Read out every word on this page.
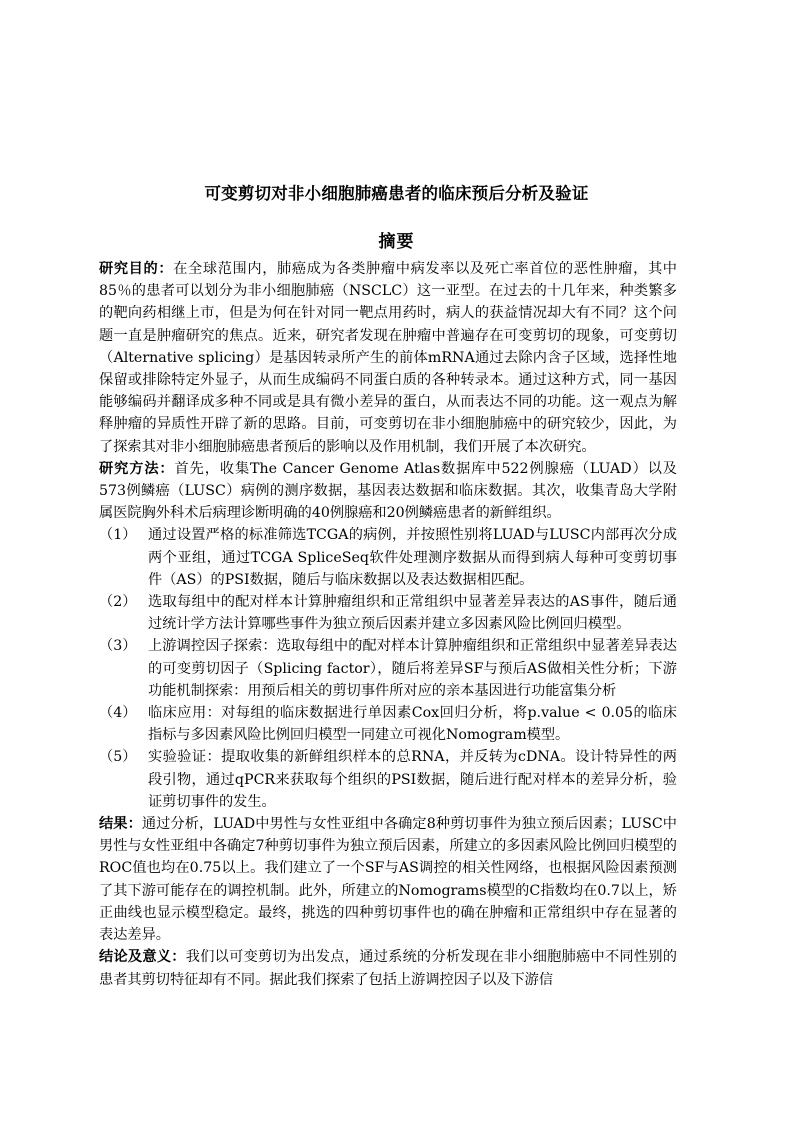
可变剪切对非小细胞肺癌患者的临床预后分析及验证
摘要

研究目的：在全球范围内，肺癌成为各类肿瘤中病发率以及死亡率首位的恶性肿瘤，其中85％的患者可以划分为非小细胞肺癌（NSCLC）这一亚型。在过去的十几年来，种类繁多的靶向药相继上市，但是为何在针对同一靶点用药时，病人的获益情况却大有不同？这个问题一直是肿瘤研究的焦点。近来，研究者发现在肿瘤中普遍存在可变剪切的现象，可变剪切（Alternative splicing）是基因转录所产生的前体mRNA通过去除内含子区域，选择性地保留或排除特定外显子，从而生成编码不同蛋白质的各种转录本。通过这种方式，同一基因能够编码并翻译成多种不同或是具有微小差异的蛋白，从而表达不同的功能。这一观点为解释肿瘤的异质性开辟了新的思路。目前，可变剪切在非小细胞肺癌中的研究较少，因此，为了探索其对非小细胞肺癌患者预后的影响以及作用机制，我们开展了本次研究。

研究方法：首先，收集The Cancer Genome Atlas数据库中522例腺癌（LUAD）以及573例鳞癌（LUSC）病例的测序数据，基因表达数据和临床数据。其次，收集青岛大学附属医院胸外科术后病理诊断明确的40例腺癌和20例鳞癌患者的新鲜组织。

（1） 通过设置严格的标准筛选TCGA的病例，并按照性别将LUAD与LUSC内部再次分成两个亚组，通过TCGA SpliceSeq软件处理测序数据从而得到病人每种可变剪切事件（AS）的PSI数据，随后与临床数据以及表达数据相匹配。

（2） 选取每组中的配对样本计算肿瘤组织和正常组织中显著差异表达的AS事件，随后通过统计学方法计算哪些事件为独立预后因素并建立多因素风险比例回归模型。

（3） 上游调控因子探索：选取每组中的配对样本计算肿瘤组织和正常组织中显著差异表达的可变剪切因子（Splicing factor），随后将差异SF与预后AS做相关性分析；下游功能机制探索：用预后相关的剪切事件所对应的亲本基因进行功能富集分析

（4） 临床应用：对每组的临床数据进行单因素Cox回归分析，将p.value < 0.05的临床指标与多因素风险比例回归模型一同建立可视化Nomogram模型。

（5） 实验验证：提取收集的新鲜组织样本的总RNA，并反转为cDNA。设计特异性的两段引物，通过qPCR来获取每个组织的PSI数据，随后进行配对样本的差异分析，验证剪切事件的发生。

结果：通过分析，LUAD中男性与女性亚组中各确定8种剪切事件为独立预后因素；LUSC中男性与女性亚组中各确定7种剪切事件为独立预后因素，所建立的多因素风险比例回归模型的ROC值也均在0.75以上。我们建立了一个SF与AS调控的相关性网络，也根据风险因素预测了其下游可能存在的调控机制。此外，所建立的Nomograms模型的C指数均在0.7以上，矫正曲线也显示模型稳定。最终，挑选的四种剪切事件也的确在肿瘤和正常组织中存在显著的表达差异。

结论及意义：我们以可变剪切为出发点，通过系统的分析发现在非小细胞肺癌中不同性别的患者其剪切特征却有不同。据此我们探索了包括上游调控因子以及下游信
